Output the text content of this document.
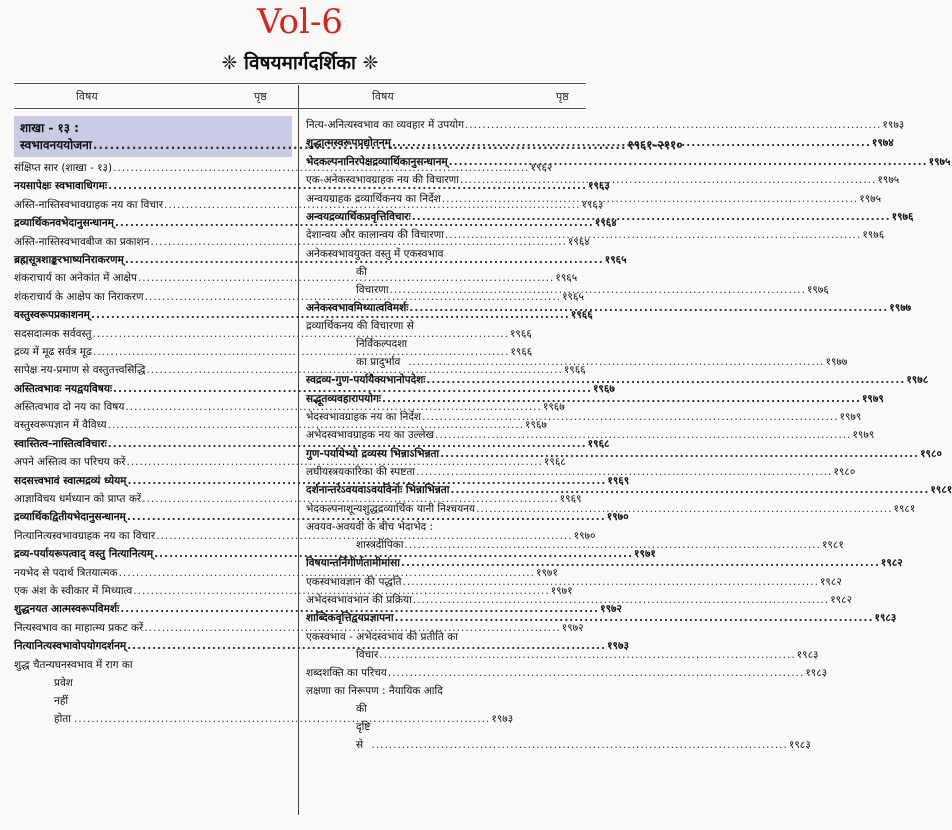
Vol-6
❈ विषयमार्गदर्शिका ❈
विषय	पृष्ठ	विषय	पृष्ठ
शाखा - १३ :
स्वभावनययोजना .....	१९६१-२११०
संक्षिप्त सार (शाखा - १३) .....	१९६२
नयसापेक्षः स्वभावाधिगमः .....	१९६३
अस्ति-नास्तिस्वभावग्राहक नय का विचार .....	१९६३
द्रव्यार्थिकनवभेदानुसन्धानम् .....	१९६४
अस्ति-नास्तिस्वभावबीज का प्रकाशन .....	१९६४
ब्रह्मसूत्रशाङ्करभाष्यनिराकरणम् .....	१९६५
शंकराचार्य का अनेकांत में आक्षेप .....	१९६५
शंकराचार्य के आक्षेप का निराकरण .....	१९६५
वस्तुस्वरूपप्रकाशनम् .....	१९६६
सदसदात्मक सर्ववस्तु .....	१९६६
द्रव्य में मूढ सर्वत्र मूढ .....	१९६६
सापेक्ष नय-प्रमाण से वस्तुतत्त्वसिद्धि .....	१९६६
अस्तित्वभावः नयद्वयविषयः .....	१९६७
अस्तित्वभाव दो नय का विषय .....	१९६७
वस्तुस्वरूपज्ञान में वैविध्य .....	१९६७
स्वास्तित्व-नास्तित्वविचारः .....	१९६८
अपने अस्तित्व का परिचय करें .....	१९६८
सदसत्त्वभावं स्वात्मद्रव्यं ध्येयम् .....	१९६९
आज्ञाविचय धर्मध्यान को प्राप्त करें .....	१९६९
द्रव्यार्थिकद्वितीयभेदानुसन्धानम् .....	१९७०
नित्यानित्यस्वभावग्राहक नय का विचार .....	१९७०
द्रव्य-पर्यायरूपत्वाद् वस्तु नित्यानित्यम् .....	१९७१
नयभेद से पदार्थ त्रितयात्मक .....	१९७१
एक अंश के स्वीकार में मिथ्यात्व .....	१९७१
शुद्धनयत आत्मस्वरूपविमर्शः .....	१९७२
नित्यस्वभाव का माहात्म्य प्रकट करें .....	१९७२
नित्यानित्यस्वभावोपयोगदर्शनम् .....	१९७३
शुद्ध चैतन्यघनस्वभाव में राग का
प्रवेश नहीं होता .....	१९७३
नित्य-अनित्यस्वभाव का व्यवहार में उपयोग .....	१९७३
शुद्धात्मस्वरूपप्रद्योतनम् .....	१९७४
भेदकल्पनानिरपेक्षद्रव्यार्थिकानुसन्धानम् .....	१९७५
एक-अनेकस्वभावग्राहक नय की विचारणा .....	१९७५
अन्वयग्राहक द्रव्यार्थिकनय का निर्देश .....	१९७५
अन्वयद्रव्यार्थिकप्रवृत्तिविचारः .....	१९७६
देशान्वय और कालान्वय की विचारणा .....	१९७६
अनेकस्वभावयुक्त वस्तु में एकस्वभाव
की विचारणा .....	१९७६
अनेकस्वभावमिथ्यात्वविमर्शः .....	१९७७
द्रव्यार्थिकनय की विचारणा से
निर्विकल्पदशा का प्रादुर्भाव .....	१९७७
स्वद्रव्य-गुण-पर्यायैक्यभानोपदेशः .....	१९७८
सद्भूतव्यवहारापयोगः .....	१९७९
भेदस्वभावग्राहक नय का निर्देश .....	१९७९
अभेदस्वभावग्राहक नय का उल्लेख .....	१९७९
गुण-पर्यायेभ्यो द्रव्यस्य भिन्नाऽभिन्नता .....	१९८०
लघीयस्त्रयकारिका की स्पष्टता .....	१९८०
दर्शनान्तरेऽवयवाऽवयविनोः भिन्नाभिन्नता .....	१९८१
भेदकल्पनाशून्यशुद्धद्रव्यार्थिक यानी निश्चयनय .....	१९८१
अवयव-अवयवी के बीच भेदाभेद :
शास्त्रदीपिका .....	१९८१
विषयान्तर्निगीर्णतामीमांसा .....	१९८२
एकस्वभावज्ञान की पद्धति .....	१९८२
अभेदस्वभावभान की प्रक्रिया .....	१९८२
शाब्दिकवृत्तिद्वयप्रज्ञापना .....	१९८३
एकस्वभाव - अभेदस्वभाव की प्रतीति का
विचार .....	१९८३
शब्दशक्ति का परिचय .....	१९८३
लक्षणा का निरूपण : नैयायिक आदि
की दृष्टि से .....	१९८३
